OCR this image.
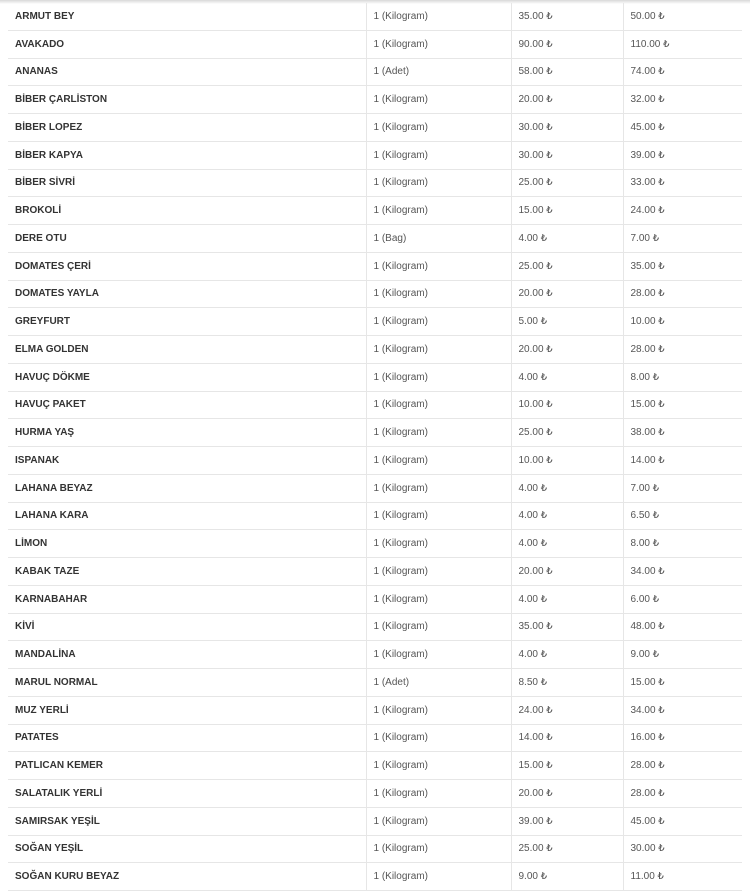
ARMUT BEY	1 (Kilogram)	35.00 ₺	50.00 ₺
AVAKADO	1 (Kilogram)	90.00 ₺	110.00 ₺
ANANAS	1 (Adet)	58.00 ₺	74.00 ₺
BİBER ÇARLİSTON	1 (Kilogram)	20.00 ₺	32.00 ₺
BİBER LOPEZ	1 (Kilogram)	30.00 ₺	45.00 ₺
BİBER KAPYA	1 (Kilogram)	30.00 ₺	39.00 ₺
BİBER SİVRİ	1 (Kilogram)	25.00 ₺	33.00 ₺
BROKOLİ	1 (Kilogram)	15.00 ₺	24.00 ₺
DERE OTU	1 (Bag)	4.00 ₺	7.00 ₺
DOMATES ÇERİ	1 (Kilogram)	25.00 ₺	35.00 ₺
DOMATES YAYLA	1 (Kilogram)	20.00 ₺	28.00 ₺
GREYFURT	1 (Kilogram)	5.00 ₺	10.00 ₺
ELMA GOLDEN	1 (Kilogram)	20.00 ₺	28.00 ₺
HAVUÇ DÖKME	1 (Kilogram)	4.00 ₺	8.00 ₺
HAVUÇ PAKET	1 (Kilogram)	10.00 ₺	15.00 ₺
HURMA YAŞ	1 (Kilogram)	25.00 ₺	38.00 ₺
ISPANAK	1 (Kilogram)	10.00 ₺	14.00 ₺
LAHANA BEYAZ	1 (Kilogram)	4.00 ₺	7.00 ₺
LAHANA KARA	1 (Kilogram)	4.00 ₺	6.50 ₺
LİMON	1 (Kilogram)	4.00 ₺	8.00 ₺
KABAK TAZE	1 (Kilogram)	20.00 ₺	34.00 ₺
KARNABAHAR	1 (Kilogram)	4.00 ₺	6.00 ₺
KİVİ	1 (Kilogram)	35.00 ₺	48.00 ₺
MANDALİNA	1 (Kilogram)	4.00 ₺	9.00 ₺
MARUL NORMAL	1 (Adet)	8.50 ₺	15.00 ₺
MUZ YERLİ	1 (Kilogram)	24.00 ₺	34.00 ₺
PATATES	1 (Kilogram)	14.00 ₺	16.00 ₺
PATLICAN KEMER	1 (Kilogram)	15.00 ₺	28.00 ₺
SALATALIK YERLİ	1 (Kilogram)	20.00 ₺	28.00 ₺
SAMIRSAK YEŞİL	1 (Kilogram)	39.00 ₺	45.00 ₺
SOĞAN YEŞİL	1 (Kilogram)	25.00 ₺	30.00 ₺
SOĞAN KURU BEYAZ	1 (Kilogram)	9.00 ₺	11.00 ₺
